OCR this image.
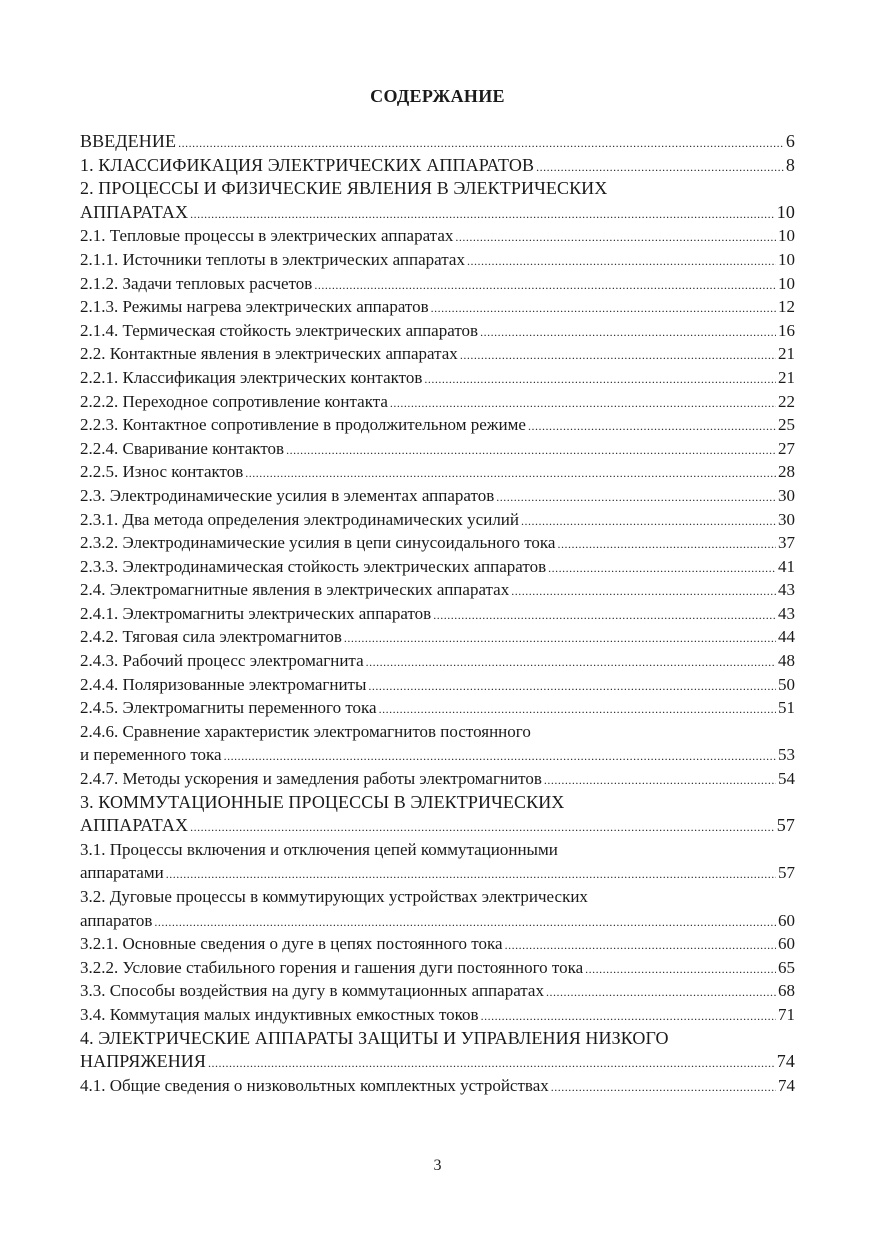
СОДЕРЖАНИЕ
ВВЕДЕНИЕ .....	6
1. КЛАССИФИКАЦИЯ ЭЛЕКТРИЧЕСКИХ АППАРАТОВ .....	8
2. ПРОЦЕССЫ И ФИЗИЧЕСКИЕ ЯВЛЕНИЯ В ЭЛЕКТРИЧЕСКИХ
АППАРАТАХ .....	10
2.1. Тепловые процессы в электрических аппаратах .....	10
2.1.1. Источники теплоты в электрических аппаратах .....	10
2.1.2. Задачи тепловых расчетов .....	10
2.1.3. Режимы нагрева электрических аппаратов .....	12
2.1.4. Термическая стойкость электрических аппаратов .....	16
2.2. Контактные явления в электрических аппаратах .....	21
2.2.1. Классификация электрических контактов .....	21
2.2.2. Переходное сопротивление контакта .....	22
2.2.3. Контактное сопротивление в продолжительном режиме .....	25
2.2.4. Сваривание контактов .....	27
2.2.5. Износ контактов .....	28
2.3. Электродинамические усилия в элементах аппаратов .....	30
2.3.1. Два метода определения электродинамических усилий .....	30
2.3.2. Электродинамические усилия в цепи синусоидального тока .....	37
2.3.3. Электродинамическая стойкость электрических аппаратов .....	41
2.4. Электромагнитные явления в электрических аппаратах .....	43
2.4.1. Электромагниты электрических аппаратов .....	43
2.4.2. Тяговая сила электромагнитов .....	44
2.4.3. Рабочий процесс электромагнита .....	48
2.4.4. Поляризованные электромагниты .....	50
2.4.5. Электромагниты переменного тока .....	51
2.4.6. Сравнение характеристик электромагнитов постоянного
и переменного тока .....	53
2.4.7. Методы ускорения и замедления работы электромагнитов .....	54
3. КОММУТАЦИОННЫЕ ПРОЦЕССЫ В ЭЛЕКТРИЧЕСКИХ
АППАРАТАХ .....	57
3.1. Процессы включения и отключения цепей коммутационными
аппаратами .....	57
3.2. Дуговые процессы в коммутирующих устройствах электрических
аппаратов .....	60
3.2.1. Основные сведения о дуге в цепях постоянного тока .....	60
3.2.2. Условие стабильного горения и гашения дуги постоянного тока .....	65
3.3. Способы воздействия на дугу в коммутационных аппаратах .....	68
3.4. Коммутация малых индуктивных емкостных токов .....	71
4. ЭЛЕКТРИЧЕСКИЕ АППАРАТЫ ЗАЩИТЫ И УПРАВЛЕНИЯ НИЗКОГО
НАПРЯЖЕНИЯ .....	74
4.1. Общие сведения о низковольтных комплектных устройствах .....	74
3
